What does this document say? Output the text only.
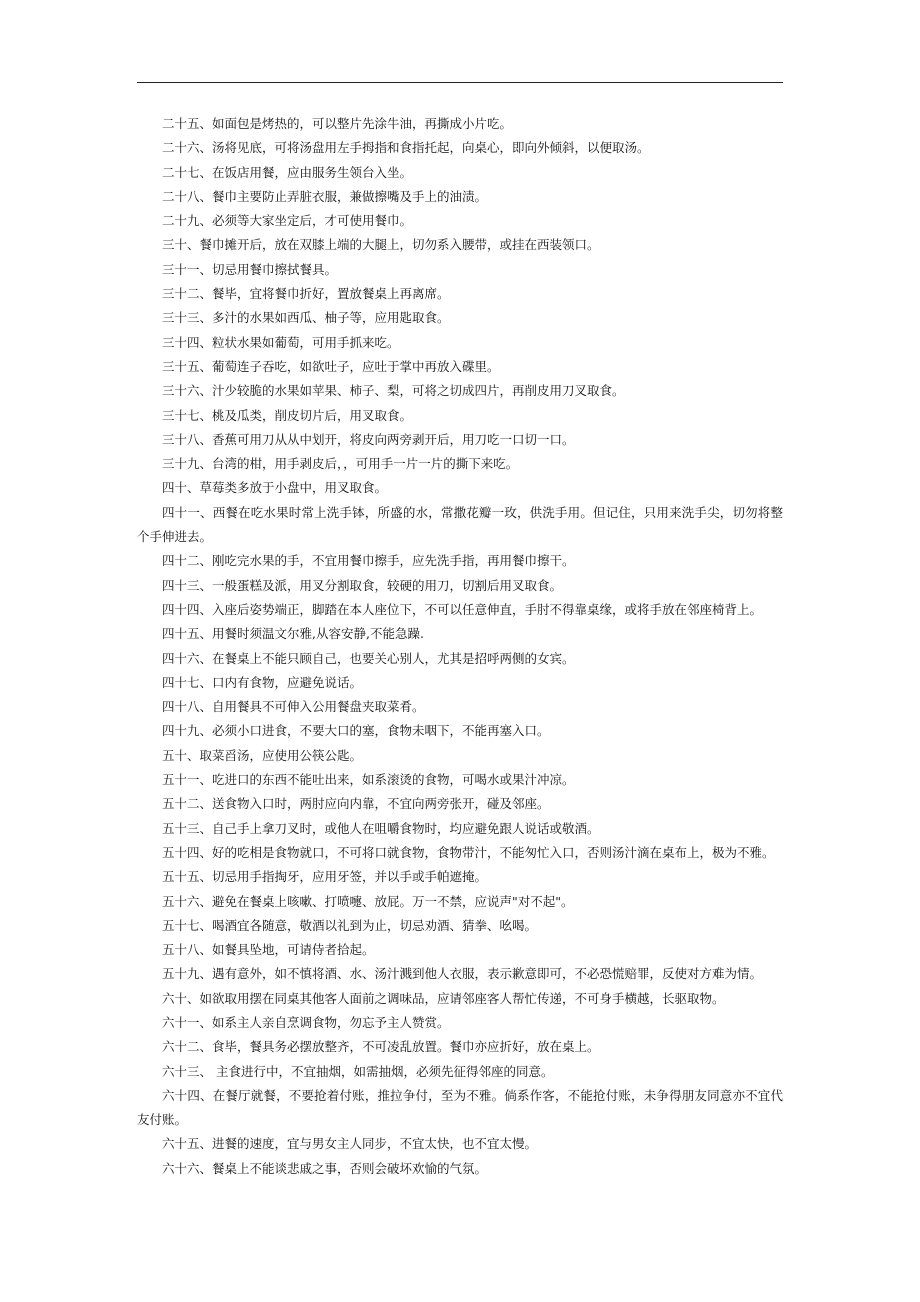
二十五、如面包是烤热的，可以整片先涂牛油，再撕成小片吃。
二十六、汤将见底，可将汤盘用左手拇指和食指托起，向桌心，即向外倾斜，以便取汤。
二十七、在饭店用餐，应由服务生领台入坐。
二十八、餐巾主要防止弄脏衣服，兼做擦嘴及手上的油渍。
二十九、必须等大家坐定后，才可使用餐巾。
三十、餐巾摊开后，放在双膝上端的大腿上，切勿系入腰带，或挂在西装领口。
三十一、切忌用餐巾擦拭餐具。
三十二、餐毕，宜将餐巾折好，置放餐桌上再离席。
三十三、多汁的水果如西瓜、柚子等，应用匙取食。
三十四、粒状水果如葡萄，可用手抓来吃。
三十五、葡萄连子吞吃，如欲吐子，应吐于掌中再放入碟里。
三十六、汁少较脆的水果如苹果、柿子、梨，可将之切成四片，再削皮用刀叉取食。
三十七、桃及瓜类，削皮切片后，用叉取食。
三十八、香蕉可用刀从从中划开，将皮向两旁剥开后，用刀吃一口切一口。
三十九、台湾的柑，用手剥皮后，，可用手一片一片的撕下来吃。
四十、草莓类多放于小盘中，用叉取食。
四十一、西餐在吃水果时常上洗手钵，所盛的水，常撒花瓣一玫，供洗手用。但记住，只用来洗手尖，切勿将整个手伸进去。
四十二、刚吃完水果的手，不宜用餐巾擦手，应先洗手指，再用餐巾擦干。
四十三、一般蛋糕及派，用叉分割取食，较硬的用刀，切割后用叉取食。
四十四、入座后姿势端正，脚踏在本人座位下，不可以任意伸直，手肘不得靠桌缘，或将手放在邻座椅背上。
四十五、用餐时须温文尔雅,从容安静,不能急躁.
四十六、在餐桌上不能只顾自己，也要关心别人，尤其是招呼两侧的女宾。
四十七、口内有食物，应避免说话。
四十八、自用餐具不可伸入公用餐盘夹取菜肴。
四十九、必须小口进食，不要大口的塞，食物未咽下，不能再塞入口。
五十、取菜舀汤，应使用公筷公匙。
五十一、吃进口的东西不能吐出来，如系滚烫的食物，可喝水或果汁冲凉。
五十二、送食物入口时，两肘应向内靠，不宜向两旁张开，碰及邻座。
五十三、自己手上拿刀叉时，或他人在咀嚼食物时，均应避免跟人说话或敬酒。
五十四、好的吃相是食物就口，不可将口就食物，食物带汁，不能匆忙入口，否则汤汁滴在桌布上，极为不雅。
五十五、切忌用手指掏牙，应用牙签，并以手或手帕遮掩。
五十六、避免在餐桌上咳嗽、打喷嚏、放屁。万一不禁，应说声"对不起"。
五十七、喝酒宜各随意，敬酒以礼到为止，切忌劝酒、猜拳、吆喝。
五十八、如餐具坠地，可请侍者拾起。
五十九、遇有意外，如不慎将酒、水、汤汁溅到他人衣服，表示歉意即可，不必恐慌赔罪，反使对方难为情。
六十、如欲取用摆在同桌其他客人面前之调味品，应请邻座客人帮忙传递，不可身手横越，长驱取物。
六十一、如系主人亲自烹调食物，勿忘予主人赞赏。
六十二、食毕，餐具务必摆放整齐，不可凌乱放置。餐巾亦应折好，放在桌上。
六十三、 主食进行中，不宜抽烟，如需抽烟，必须先征得邻座的同意。
六十四、在餐厅就餐，不要抢着付账，推拉争付，至为不雅。倘系作客，不能抢付账，未争得朋友同意亦不宜代友付账。
六十五、进餐的速度，宜与男女主人同步，不宜太快，也不宜太慢。
六十六、餐桌上不能谈悲戚之事，否则会破坏欢愉的气氛。
